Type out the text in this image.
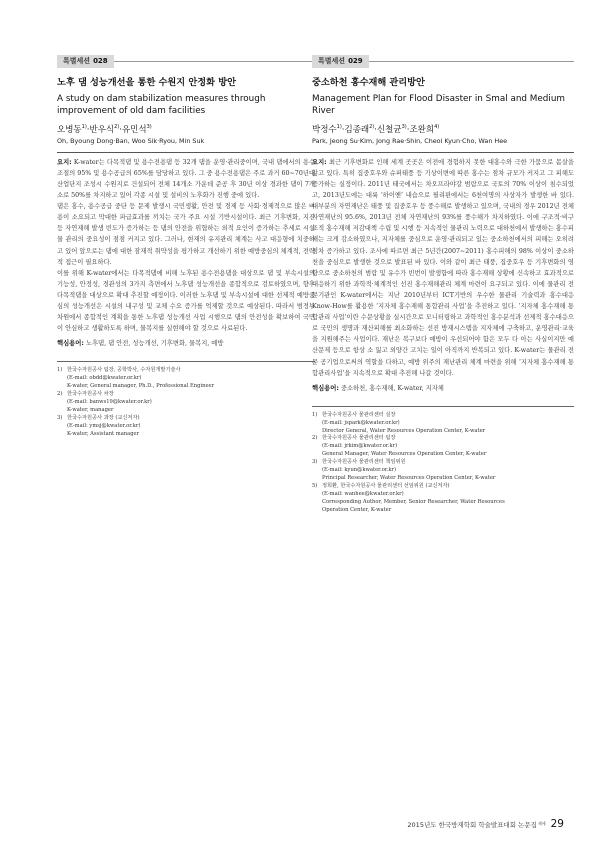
특별세션 028
노후 댐 성능개선을 통한 수원지 안정화 방안
A study on dam stabilization measures through
improvement of old dam facilities
오병동$^{1)}$·반우식$^{2)}$·유민석$^{3)}$
Oh, Byoung Dong·Ban, Woo Sik·Ryou, Min Suk

요지: K-water는 다목적댐 및 용수전용댐 등 32개 댐을 운영·관리중이며, 국내 댐에서의 용수조절의 95% 및 용수공급의 65%를 담당하고 있다. 그 중 용수전용댐은 주로 과거 60~70년대 산업단지 조성시 수원지로 건설되어 전체 14개소 가운데 준공 후 30년 이상 경과한 댐이 7개소로 50%를 차지하고 있어 각종 시설 및 설비의 노후화가 진행 중에 있다.

댐은 홍수, 용수공급 중단 등 문제 발생시 국민생활, 안전 및 경제 등 사회·경제적으로 많은 비용이 소요되고 막대한 파급효과를 끼치는 국가 주요 시설 기반시설이다. 최근 기후변화, 지진 등 자연재해 발생 빈도가 증가하는 등 댐의 안전을 위협하는 외적 요인이 증가하는 추세로 시설물 관리의 중요성이 점점 커지고 있다. 그러나, 현재의 유지관리 체계는 사고 대응형에 치중하고 있어 앞으로는 댐에 대한 잠재적 취약성을 평가하고 개선하기 위한 예방중심의 체계적, 전략적 접근이 필요하다.

이를 위해 K-water에서는 다목적댐에 비해 노후된 용수전용댐을 대상으로 댐 및 부속시설의 기능성, 안정성, 경관성의 3가지 측면에서 노후댐 성능개선을 종합적으로 검토하였으며, 향후 다목적댐을 대상으로 확대 추진할 예정이다. 이러한 노후댐 및 부속시설에 대한 선제적 예방중심의 성능개선은 시설의 내구성 및 교체 수요 증가를 억제할 것으로 예상된다. 따라서 범정부 차원에서 종합적인 계획을 통한 노후댐 성능개선 사업 시행으로 댐의 안전성을 확보하여 국민이 안심하고 생활하도록 하며, 물복지를 실현해야 할 것으로 사료된다.

핵심용어: 노후댐, 댐 안전, 성능개선, 기후변화, 물복지, 예방
1) 한국수자원공사 팀장, 공학박사, 수자원개발기술사
(E-mail: obdd@kwater.or.kr)
K-water, General manager, Ph.D., Professional Engineer
2) 한국수자원공사 차장
(E-mail: banws19@kwater.or.kr)
K-water, manager
3) 한국수자원공사 과장 (교신저자)
(E-mail: ymsj@kwater.or.kr)
K-water, Assistant manager
특별세션 029
중소하천 홍수재해 관리방안
Management Plan for Flood Disaster in Smal and Medium
River
박정수$^{1)}$·김종래$^{2)}$·신철균$^{3)}$·조완희$^{4)}$
Park, Jeong Su·Kim, Jong Rae·Shin, Cheol Kyun·Cho, Wan Hee

요지: 최근 기후변화로 인해 세계 곳곳은 이전에 경험하지 못한 대홍수와 극한 가뭄으로 몸살을 앓고 있다. 특히 집중호우와 슈퍼태풍 등 기상이변에 따른 홍수는 점차 규모가 커지고 그 피해도 증가하는 실정이다. 2011년 태국에서는 차오프라야강 범람으로 국토의 70% 이상이 침수되었고, 2013년도에는 대륙 ‘하이옌’ 내습으로 필리핀에서는 6천여명의 사상자가 발생한 바 있다. 대부분의 자연재난은 태풍 및 집중호우 등 풍수해로 발생하고 있으며, 국내의 경우 2012년 전체 자연재난의 95.6%, 2013년 전체 자연재난의 93%를 풍수해가 차지하였다. 이에 구조적·비구조적 홍수재해 저감대책 수립 및 시행 등 지속적인 물관리 노력으로 대하천에서 발생하는 홍수피해는 크게 감소하였으나, 지자체를 중심으로 운영·관리되고 있는 중소하천에서의 피해는 오히려 점차 증가하고 있다. 조사에 따르면 최근 5년간(2007~2011) 홍수피해의 98% 이상이 중소하천을 중심으로 발생한 것으로 발표된 바 있다. 이와 같이 최근 태풍, 집중호우 등 기후변화의 영향으로 중소하천의 범람 및 유수가 빈번이 발생함에 따라 홍수재해 상황에 신속하고 효과적으로 대응하기 위한 과학적·체계적인 선진 홍수재해관리 체계 마련이 요구되고 있다. 이에 물관리 전문기관인 K-water에서는 지난 2010년부터 ICT기반의 우수한 물관리 기술력과 홍수대응 Know-How를 활용한 ‘지자체 홍수재해 통합관리 사업’을 추진하고 있다. ‘지자체 홍수재해 통합관리 사업’이란 수문상황을 실시간으로 모니터링하고 과학적인 홍수분석과 선제적 홍수대응으로 국민의 생명과 재산피해를 최소화하는 선진 방재시스템을 지자체에 구축하고, 운영관리·교육을 지원해주는 사업이다. 재난은 복구보다 예방이 우선되어야 함은 모두 다 아는 사실이지만 예산문제 등으로 항상 소 잃고 외양간 고치는 일이 아직까지 반복되고 있다. K-water는 물관리 전문 공기업으로써의 역할을 다하고, 예방 위주의 재난관리 체계 마련을 위해 ‘지자체 홍수재해 통합관리사업’을 지속적으로 확대 추진해 나갈 것이다.

핵심용어: 중소하천, 홍수재해, K-water, 지자체
1) 한국수자원공사 물관리센터 실장
(E-mail: jspark@kwater.or.kr)
Director General, Water Resources Operation Center, K-water
2) 한국수자원공사 물관리센터 팀장
(E-mail: jrkim@kwater.or.kr)
General Manager, Water Resources Operation Center, K-water
3) 한국수자원공사 물관리센터 책임위원
(E-mail: kyun@kwater.or.kr)
Principal Researcher, Water Resources Operation Center, K-water
5) 정희환, 한국수자원공사 물관리센터 선임위원 (교신저자)
(E-mail: wanhee@kwater.or.kr)
Corresponding Author, Member, Senior Researcher, Water Resources
Operation Center, K-water
2015년도 한국방재학회 학술발표대회 논문집 제세 29
